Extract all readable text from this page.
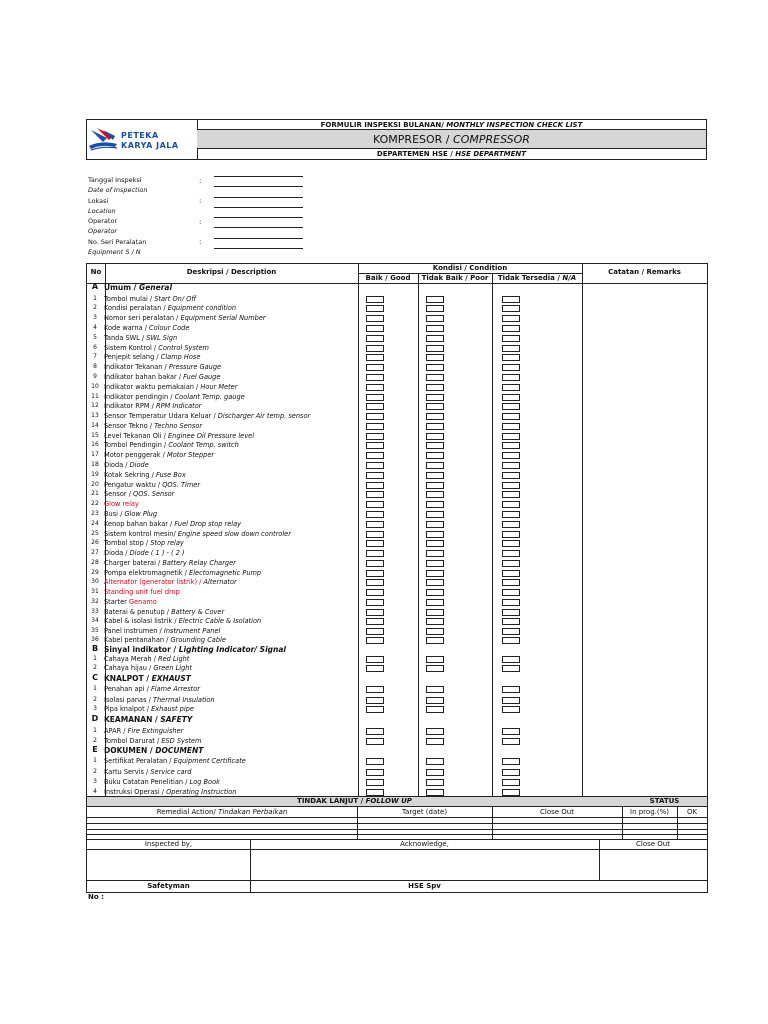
PETEKA
KARYA JALA
FORMULIR INSPEKSI BULANAN/ MONTHLY INSPECTION CHECK LIST
KOMPRESOR / COMPRESSOR
DEPARTEMEN HSE / HSE DEPARTMENT
Tanggal Inspeksi
Date of Inspection
:
Lokasi
Location
:
Operator
Operator
:
No. Seri Peralatan
Equipment S / N
:
No	Deskripsi / Description	Kondisi / Condition
Baik / Good	Tidak Baik / Poor	Tidak Tersedia / N/A
Catatan / Remarks
A Umum / General
1	Tombol mulai / Start On/ Off
2	Kondisi peralatan / Equipment condition
3	Nomor seri peralatan / Equipment Serial Number
4	Kode warna / Colour Code
5	Tanda SWL / SWL Sign
6	Sistem Kontrol / Control System
7	Penjepit selang / Clamp Hose
8	Indikator Tekanan / Pressure Gauge
9	Indikator bahan bakar / Fuel Gauge
10 Indikator waktu pemakaian / Hour Meter
11 Indikator pendingin / Coolant Temp. gauge
12 Indikator RPM / RPM Indicator
13 Sensor Temperatur Udara Keluar / Discharger Air temp. sensor
14 Sensor Tekno / Techno Sensor
15 Level Tekanan Oli / Enginee Oil Pressure level
16 Tombol Pendingin / Coolant Temp. switch
17 Motor penggerak / Motor Stepper
18 Dioda / Diode
19 Kotak Sekring / Fuse Box
20 Pengatur waktu / QOS. Timer
21 Sensor / QOS. Sensor
22 Glow relay
23 Busi / Glow Plug
24 Kenop bahan bakar / Fuel Drop stop relay
25 Sistem kontrol mesin/ Engine speed slow down controler
26 Tombol stop / Stop relay
27 Dioda / Diode ( 1 ) - ( 2 )
28 Charger baterai / Battery Relay Charger
29 Pompa elektromagnetik / Electomagnetic Pump
30 Alternator (generator listrik) / Alternator
31 Standing unit fuel drop
32 Starter Genamo
33 Baterai & penutup / Battery & Cover
34 Kabel & isolasi listrik / Electric Cable & Isolation
35 Panel instrumen / Instrument Panel
36 Kabel pentanahan / Grounding Cable
B Sinyal indikator / Lighting Indicator/ Signal
1	Cahaya Merah / Red Light
2	Cahaya hijau / Green Light
C KNALPOT / EXHAUST
1	Penahan api / Flame Arrestor
2	Isolasi panas / Thermal Insulation
3	Pipa knalpot / Exhaust pipe
D KEAMANAN / SAFETY
1	APAR / Fire Extinguisher
2	Tombol Darurat / ESD System
E DOKUMEN / DOCUMENT
1	Sertifikat Peralatan / Equipment Certificate
2	Kartu Servis / Service card
3	Buku Catatan Penelitian / Log Book
4	Instruksi Operasi / Operating Instruction
TINDAK LANJUT / FOLLOW UP	STATUS
Remedial Action/ Tindakan Perbaikan	Target (date)	Close Out	In prog.(%)	OK
Inspected by,	Acknowledge,	Close Out
Safetyman	HSE Spv
No :
